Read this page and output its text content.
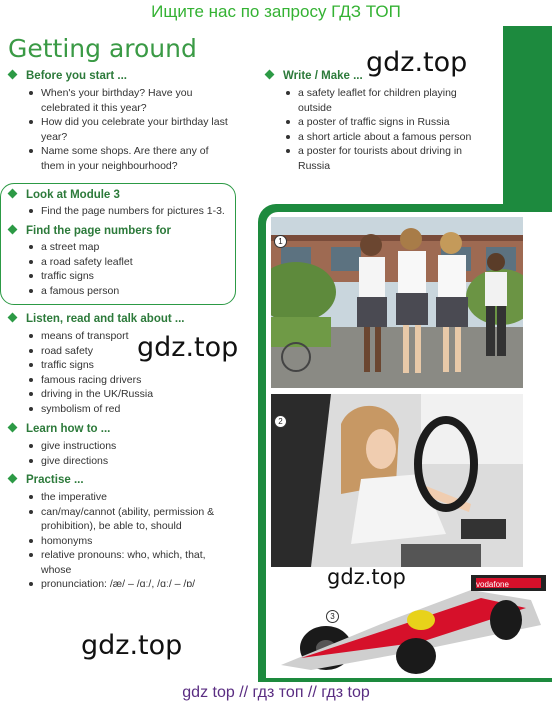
Ищите нас по запросу ГДЗ ТОП
Getting around
Before you start ...
When's your birthday? Have you celebrated it this year?
How did you celebrate your birthday last year?
Name some shops. Are there any of them in your neighbourhood?
Look at Module 3
Find the page numbers for pictures 1-3.
Find the page numbers for
a street map
a road safety leaflet
traffic signs
a famous person
Listen, read and talk about ...
means of transport
road safety
traffic signs
famous racing drivers
driving in the UK/Russia
symbolism of red
Learn how to ...
give instructions
give directions
Practise ...
the imperative
can/may/cannot (ability, permission & prohibition), be able to, should
homonyms
relative pronouns: who, which, that, whose
pronunciation: /æ/ – /ɑː/, /ɑː/ – /ɒ/
Write / Make ...
a safety leaflet for children playing outside
a poster of traffic signs in Russia
a short article about a famous person
a poster for tourists about driving in Russia
1
2
vodafone
3
gdz.top
gdz.top
gdz.top
gdz.top
gdz top // гдз топ // гдз top
